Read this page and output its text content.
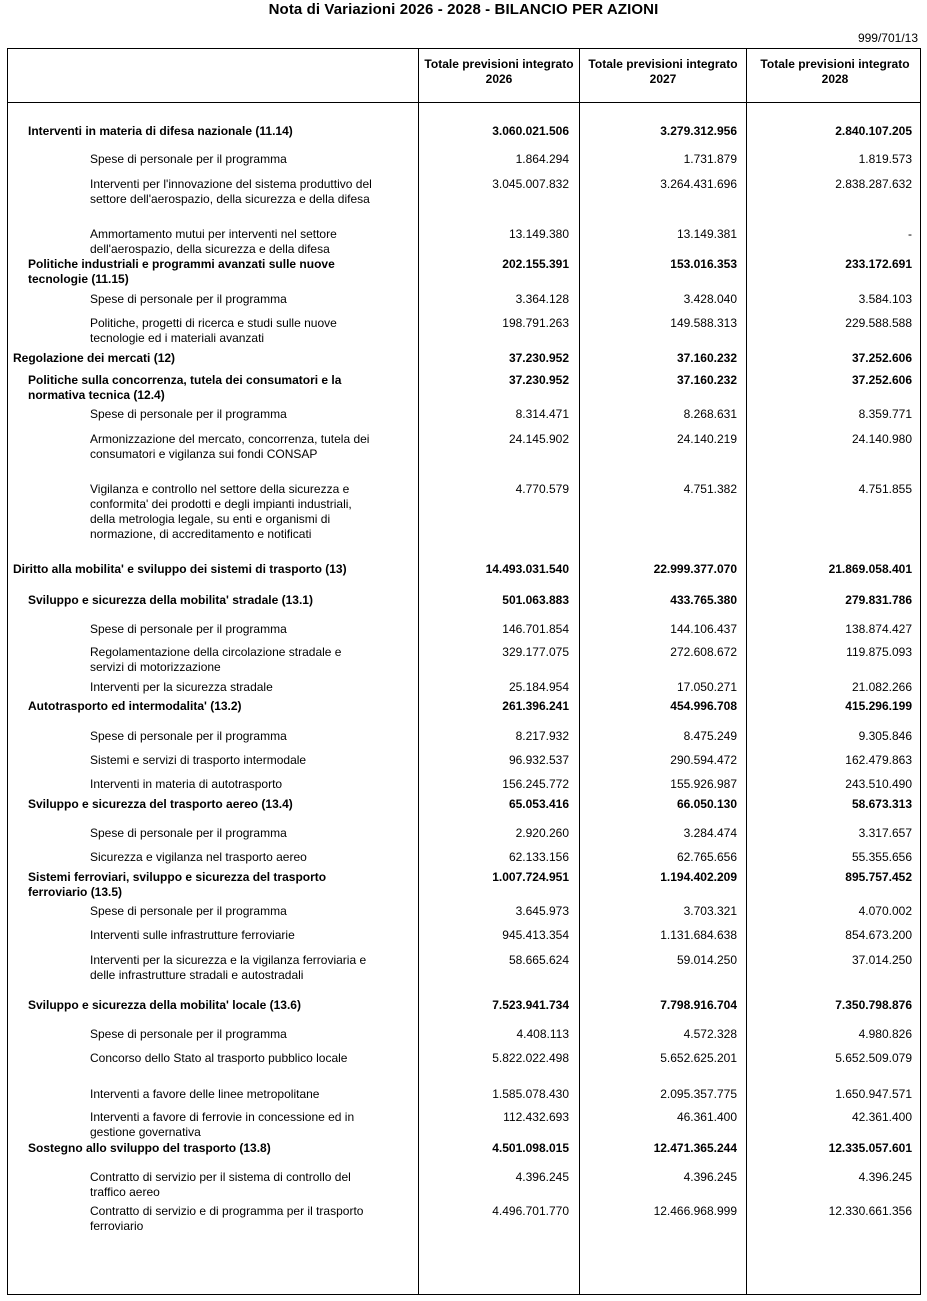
Nota di Variazioni 2026 - 2028 - BILANCIO PER AZIONI
999/701/13
Totale previsioni integrato 2026
Totale previsioni integrato 2027
Totale previsioni integrato 2028
Interventi in materia di difesa nazionale (11.14)	3.060.021.506	3.279.312.956	2.840.107.205
Spese di personale per il programma	1.864.294	1.731.879	1.819.573
Interventi per l'innovazione del sistema produttivo del settore dell'aerospazio, della sicurezza e della difesa
3.045.007.832	3.264.431.696	2.838.287.632
Ammortamento mutui per interventi nel settore dell'aerospazio, della sicurezza e della difesa
13.149.380	13.149.381	-
Politiche industriali e programmi avanzati sulle nuove tecnologie (11.15)
202.155.391	153.016.353	233.172.691
Spese di personale per il programma	3.364.128	3.428.040	3.584.103
Politiche, progetti di ricerca e studi sulle nuove tecnologie ed i materiali avanzati
198.791.263	149.588.313	229.588.588
Regolazione dei mercati (12)	37.230.952	37.160.232	37.252.606
Politiche sulla concorrenza, tutela dei consumatori e la normativa tecnica (12.4)
37.230.952	37.160.232	37.252.606
Spese di personale per il programma	8.314.471	8.268.631	8.359.771
Armonizzazione del mercato, concorrenza, tutela dei consumatori e vigilanza sui fondi CONSAP
24.145.902	24.140.219	24.140.980
Vigilanza e controllo nel settore della sicurezza e conformita' dei prodotti e degli impianti industriali, della metrologia legale, su enti e organismi di normazione, di accreditamento e notificati
4.770.579	4.751.382	4.751.855
Diritto alla mobilita' e sviluppo dei sistemi di trasporto (13)	14.493.031.540	22.999.377.070	21.869.058.401
Sviluppo e sicurezza della mobilita' stradale (13.1)	501.063.883	433.765.380	279.831.786
Spese di personale per il programma	146.701.854	144.106.437	138.874.427
Regolamentazione della circolazione stradale e servizi di motorizzazione
329.177.075	272.608.672	119.875.093
Interventi per la sicurezza stradale	25.184.954	17.050.271	21.082.266
Autotrasporto ed intermodalita' (13.2)	261.396.241	454.996.708	415.296.199
Spese di personale per il programma	8.217.932	8.475.249	9.305.846
Sistemi e servizi di trasporto intermodale	96.932.537	290.594.472	162.479.863
Interventi in materia di autotrasporto	156.245.772	155.926.987	243.510.490
Sviluppo e sicurezza del trasporto aereo (13.4)	65.053.416	66.050.130	58.673.313
Spese di personale per il programma	2.920.260	3.284.474	3.317.657
Sicurezza e vigilanza nel trasporto aereo	62.133.156	62.765.656	55.355.656
Sistemi ferroviari, sviluppo e sicurezza del trasporto ferroviario (13.5)
1.007.724.951	1.194.402.209	895.757.452
Spese di personale per il programma	3.645.973	3.703.321	4.070.002
Interventi sulle infrastrutture ferroviarie	945.413.354	1.131.684.638	854.673.200
Interventi per la sicurezza e la vigilanza ferroviaria e delle infrastrutture stradali e autostradali
58.665.624	59.014.250	37.014.250
Sviluppo e sicurezza della mobilita' locale (13.6)	7.523.941.734	7.798.916.704	7.350.798.876
Spese di personale per il programma	4.408.113	4.572.328	4.980.826
Concorso dello Stato al trasporto pubblico locale	5.822.022.498	5.652.625.201	5.652.509.079
Interventi a favore delle linee metropolitane	1.585.078.430	2.095.357.775	1.650.947.571
Interventi a favore di ferrovie in concessione ed in gestione governativa
112.432.693	46.361.400	42.361.400
Sostegno allo sviluppo del trasporto (13.8)	4.501.098.015	12.471.365.244	12.335.057.601
Contratto di servizio per il sistema di controllo del traffico aereo
4.396.245	4.396.245	4.396.245
Contratto di servizio e di programma per il trasporto ferroviario
4.496.701.770	12.466.968.999	12.330.661.356
